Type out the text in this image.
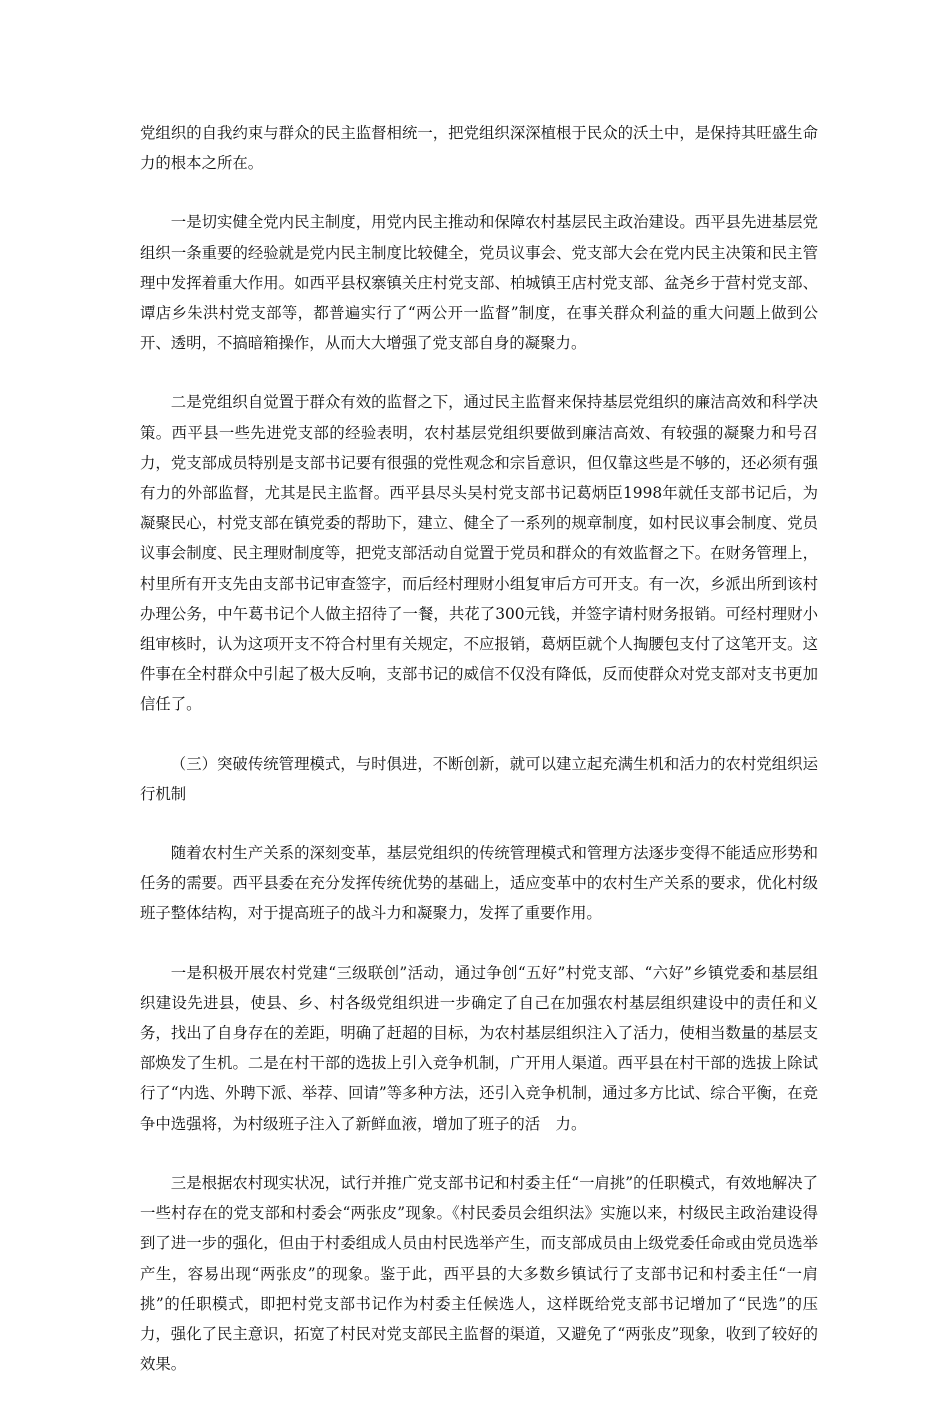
党组织的自我约束与群众的民主监督相统一，把党组织深深植根于民众的沃土中，是保持其旺盛生命力的根本之所在。

一是切实健全党内民主制度，用党内民主推动和保障农村基层民主政治建设。西平县先进基层党组织一条重要的经验就是党内民主制度比较健全，党员议事会、党支部大会在党内民主决策和民主管理中发挥着重大作用。如西平县权寨镇关庄村党支部、柏城镇王店村党支部、盆尧乡于营村党支部、谭店乡朱洪村党支部等，都普遍实行了“两公开一监督”制度，在事关群众利益的重大问题上做到公开、透明，不搞暗箱操作，从而大大增强了党支部自身的凝聚力。

二是党组织自觉置于群众有效的监督之下，通过民主监督来保持基层党组织的廉洁高效和科学决策。西平县一些先进党支部的经验表明，农村基层党组织要做到廉洁高效、有较强的凝聚力和号召力，党支部成员特别是支部书记要有很强的党性观念和宗旨意识，但仅靠这些是不够的，还必须有强有力的外部监督，尤其是民主监督。西平县尽头吴村党支部书记葛炳臣1998年就任支部书记后，为凝聚民心，村党支部在镇党委的帮助下，建立、健全了一系列的规章制度，如村民议事会制度、党员议事会制度、民主理财制度等，把党支部活动自觉置于党员和群众的有效监督之下。在财务管理上，村里所有开支先由支部书记审查签字，而后经村理财小组复审后方可开支。有一次，乡派出所到该村办理公务，中午葛书记个人做主招待了一餐，共花了300元钱，并签字请村财务报销。可经村理财小组审核时，认为这项开支不符合村里有关规定，不应报销，葛炳臣就个人掏腰包支付了这笔开支。这件事在全村群众中引起了极大反响，支部书记的威信不仅没有降低，反而使群众对党支部对支书更加信任了。

（三）突破传统管理模式，与时俱进，不断创新，就可以建立起充满生机和活力的农村党组织运行机制

随着农村生产关系的深刻变革，基层党组织的传统管理模式和管理方法逐步变得不能适应形势和任务的需要。西平县委在充分发挥传统优势的基础上，适应变革中的农村生产关系的要求，优化村级班子整体结构，对于提高班子的战斗力和凝聚力，发挥了重要作用。

一是积极开展农村党建“三级联创”活动，通过争创“五好”村党支部、“六好”乡镇党委和基层组织建设先进县，使县、乡、村各级党组织进一步确定了自己在加强农村基层组织建设中的责任和义务，找出了自身存在的差距，明确了赶超的目标，为农村基层组织注入了活力，使相当数量的基层支部焕发了生机。二是在村干部的选拔上引入竞争机制，广开用人渠道。西平县在村干部的选拔上除试行了“内选、外聘下派、举荐、回请”等多种方法，还引入竞争机制，通过多方比试、综合平衡，在竞争中选强将，为村级班子注入了新鲜血液，增加了班子的活　力。

三是根据农村现实状况，试行并推广党支部书记和村委主任“一肩挑”的任职模式，有效地解决了一些村存在的党支部和村委会“两张皮”现象。《村民委员会组织法》实施以来，村级民主政治建设得到了进一步的强化，但由于村委组成人员由村民选举产生，而支部成员由上级党委任命或由党员选举产生，容易出现“两张皮”的现象。鉴于此，西平县的大多数乡镇试行了支部书记和村委主任“一肩挑”的任职模式，即把村党支部书记作为村委主任候选人，这样既给党支部书记增加了“民选”的压力，强化了民主意识，拓宽了村民对党支部民主监督的渠道，又避免了“两张皮”现象，收到了较好的效果。
